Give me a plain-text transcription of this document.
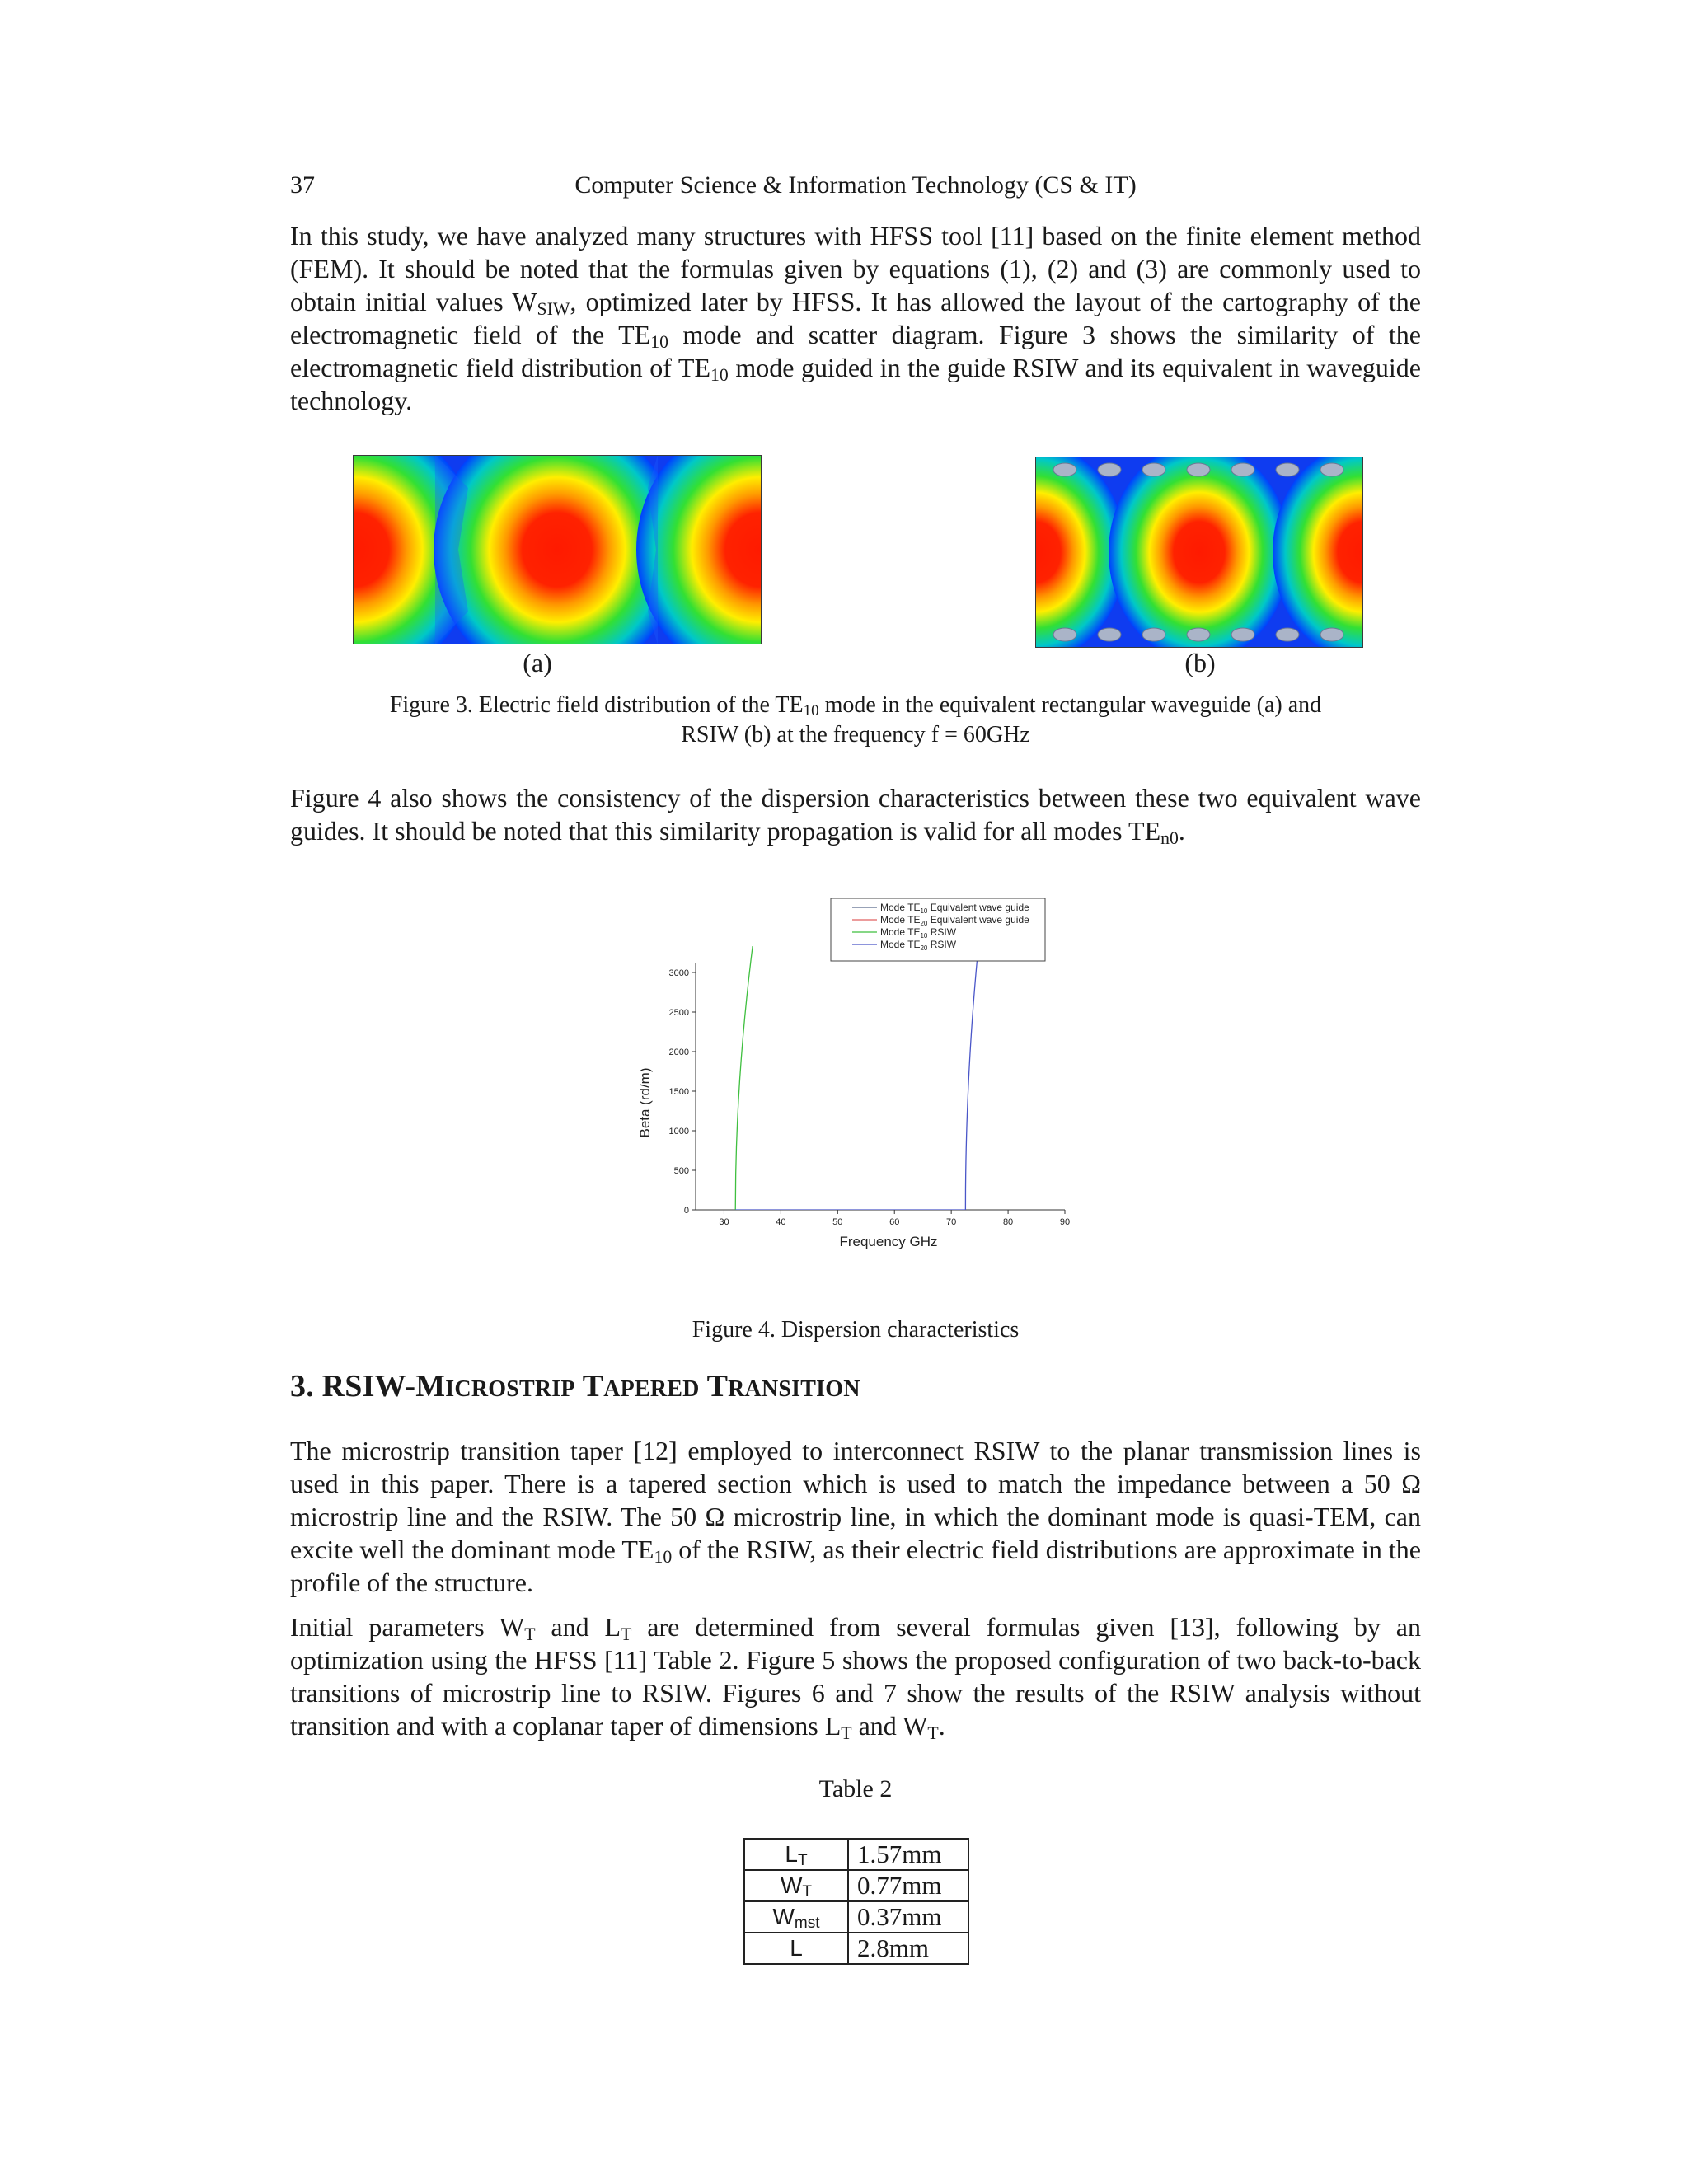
37	Computer Science & Information Technology (CS & IT)

In this study, we have analyzed many structures with HFSS tool [11] based on the finite element method (FEM). It should be noted that the formulas given by equations (1), (2) and (3) are commonly used to obtain initial values $W_{SIW}$, optimized later by HFSS. It has allowed the layout of the cartography of the electromagnetic field of the $TE_{10}$ mode and scatter diagram. Figure 3 shows the similarity of the electromagnetic field distribution of $TE_{10}$ mode guided in the guide RSIW and its equivalent in waveguide technology.

(a)	(b)
Figure 3. Electric field distribution of the $TE_{10}$ mode in the equivalent rectangular waveguide (a) and
RSIW (b) at the frequency f = 60GHz

Figure 4 also shows the consistency of the dispersion characteristics between these two equivalent wave guides. It should be noted that this similarity propagation is valid for all modes $TE_{n0}$.

30	40	50	60	70	80	90
0
500
1000
1500
2000
2500
3000
Frequency GHz
Beta (rd/m)
Mode $TE_{10}$ Equivalent wave guide
Mode $TE_{20}$ Equivalent wave guide
Mode $TE_{10}$ RSIW
Mode $TE_{20}$ RSIW
Figure 4. Dispersion characteristics
3. RSIW-MICROSTRIP TAPERED TRANSITION

The microstrip transition taper [12] employed to interconnect RSIW to the planar transmission lines is used in this paper. There is a tapered section which is used to match the impedance between a 50 Ω microstrip line and the RSIW. The 50 Ω microstrip line, in which the dominant mode is quasi-TEM, can excite well the dominant mode $TE_{10}$ of the RSIW, as their electric field distributions are approximate in the profile of the structure.

Initial parameters $W_T$ and $L_T$ are determined from several formulas given [13], following by an optimization using the HFSS [11] Table 2. Figure 5 shows the proposed configuration of two back-to-back transitions of microstrip line to RSIW. Figures 6 and 7 show the results of the RSIW analysis without transition and with a coplanar taper of dimensions $L_T$ and $W_T$.

Table 2
$L_T$	1.57mm
$W_T$	0.77mm
$W_{mst}$	0.37mm
L	2.8mm
